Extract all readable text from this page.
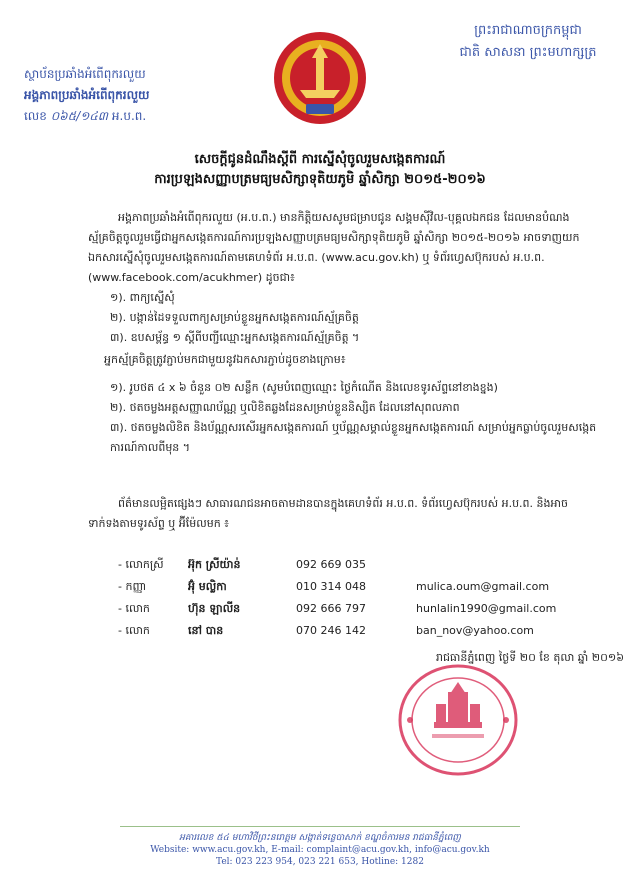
ព្រះរាជាណាចក្រកម្ពុជា
ជាតិ សាសនា ព្រះមហាក្សត្រ
ស្ថាប័នប្រឆាំងអំពើពុករលួយ
អង្គភាពប្រឆាំងអំពើពុករលួយ
លេខ ០៦៥/១៤៣ អ.ប.ព.
សេចក្តីជូនដំណឹងស្តីពី ការស្នើសុំចូលរួមសង្កេតការណ៍
ការប្រឡងសញ្ញាបត្រមធ្យមសិក្សាទុតិយភូមិ ឆ្នាំសិក្សា ២០១៥-២០១៦
អង្គភាពប្រឆាំងអំពើពុករលួយ (អ.ប.ព.) មានកិត្តិយសសូមជម្រាបជូន សង្គមស៊ីវិល-បុគ្គលឯកជន ដែលមានបំណងស្ម័គ្រចិត្តចូលរួមធ្វើជាអ្នកសង្កេតការណ៍ការប្រឡងសញ្ញាបត្រមធ្យមសិក្សាទុតិយភូមិ ឆ្នាំសិក្សា ២០១៥-២០១៦ អាចទាញយកឯកសារស្នើសុំចូលរួមសង្កេតការណ៍តាមគេហទំព័រ អ.ប.ព. (www.acu.gov.kh) ឬ ទំព័រហ្វេសប៊ុករបស់ អ.ប.ព. (www.facebook.com/acukhmer) ដូចជា៖
១). ពាក្យស្នើសុំ
២). បង្កាន់ដៃទទួលពាក្យសម្រាប់ខ្លួនអ្នកសង្កេតការណ៍ស្ម័គ្រចិត្ត
៣). ឧបសម្ព័ន្ធ ១ ស្តីពីបញ្ជីឈ្មោះអ្នកសង្កេតការណ៍ស្ម័គ្រចិត្ត ។
អ្នកស្ម័គ្រចិត្តត្រូវភ្ជាប់មកជាមួយនូវឯកសារភ្ជាប់ដូចខាងក្រោម៖
១). រូបថត ៤ x ៦ ចំនួន ០២ សន្លឹក (សូមបំពេញឈ្មោះ ថ្ងៃកំណើត និងលេខទូរស័ព្ទនៅខាងខ្នង)
២). ថតចម្លងអត្តសញ្ញាណប័ណ្ណ ឬលិខិតឆ្លងដែនសម្រាប់ខ្លួននិស្សិត ដែលនៅសុពលភាព
៣). ថតចម្លងលិខិត និងប័ណ្ណសរសើរអ្នកសង្កេតការណ៍ ឬប័ណ្ណសម្គាល់ខ្លួនអ្នកសង្កេតការណ៍ សម្រាប់អ្នកធ្លាប់ចូលរួមសង្កេតការណ៍កាលពីមុន ។
ព័ត៌មានលម្អិតផ្សេងៗ សាធារណជនអាចតាមដានបានក្នុងគេហទំព័រ អ.ប.ព. ទំព័រហ្វេសប៊ុករបស់ អ.ប.ព. និងអាចទាក់ទងតាមទូរស័ព្ទ ឬ អ៊ីម៉ែលមក ៖
- លោកស្រី	អ៊ុក ស្រីយ៉ាន់	092 669 035
- កញ្ញា	អ៊ុំ មល្លិកា	010 314 048	mulica.oum@gmail.com
- លោក	ហ៊ុន ឡាលីន	092 666 797	hunlalin1990@gmail.com
- លោក	នៅ បាន	070 246 142	ban_nov@yahoo.com
រាជធានីភ្នំពេញ ថ្ងៃទី ២០ ខែ តុលា ឆ្នាំ ២០១៦
អគារលេខ ៥៤ មហាវិថីព្រះនរោត្តម សង្កាត់ទន្លេបាសាក់ ខណ្ឌចំការមន រាជធានីភ្នំពេញ
Website: www.acu.gov.kh, E-mail: complaint@acu.gov.kh, info@acu.gov.kh
Tel: 023 223 954, 023 221 653, Hotline: 1282
